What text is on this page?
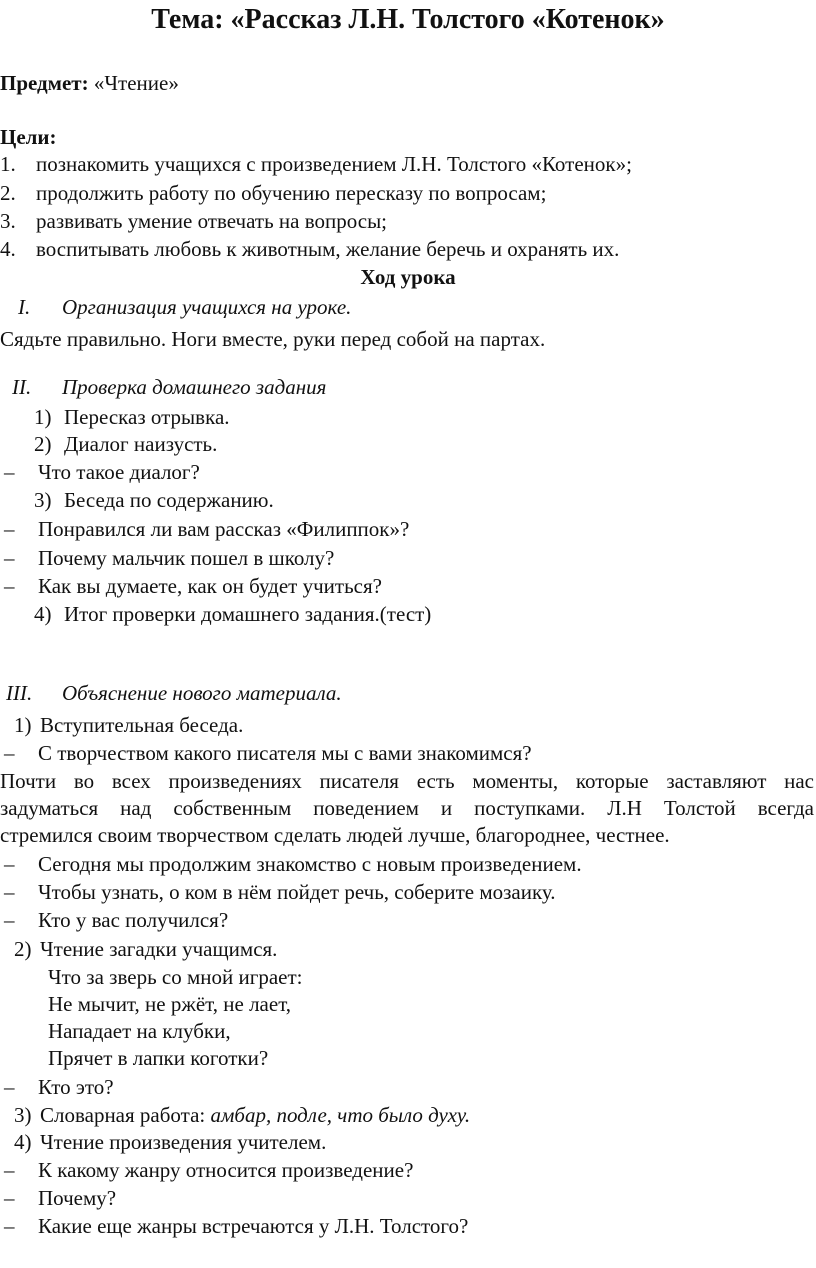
Тема: «Рассказ Л.Н. Толстого «Котенок»
Предмет: «Чтение»
Цели:
1. познакомить учащихся с произведением Л.Н. Толстого «Котенок»;
2. продолжить работу по обучению пересказу по вопросам;
3. развивать умение отвечать на вопросы;
4. воспитывать любовь к животным, желание беречь и охранять их.
Ход урока
I. Организация учащихся на уроке.
Сядьте правильно. Ноги вместе, руки перед собой на партах.
II. Проверка домашнего задания
1) Пересказ отрывка.
2) Диалог наизусть.
– Что такое диалог?
3) Беседа по содержанию.
– Понравился ли вам рассказ «Филиппок»?
– Почему мальчик пошел в школу?
– Как вы думаете, как он будет учиться?
4) Итог проверки домашнего задания.(тест)
III. Объяснение нового материала.
1) Вступительная беседа.
– С творчеством какого писателя мы с вами знакомимся?
Почти во всех произведениях писателя есть моменты, которые заставляют нас
задуматься над собственным поведением и поступками. Л.Н Толстой всегда
стремился своим творчеством сделать людей лучше, благороднее, честнее.
– Сегодня мы продолжим знакомство с новым произведением.
– Чтобы узнать, о ком в нём пойдет речь, соберите мозаику.
– Кто у вас получился?
2) Чтение загадки учащимся.
Что за зверь со мной играет:
Не мычит, не ржёт, не лает,
Нападает на клубки,
Прячет в лапки коготки?
– Кто это?
3) Словарная работа: амбар, подле, что было духу.
4) Чтение произведения учителем.
– К какому жанру относится произведение?
– Почему?
– Какие еще жанры встречаются у Л.Н. Толстого?
